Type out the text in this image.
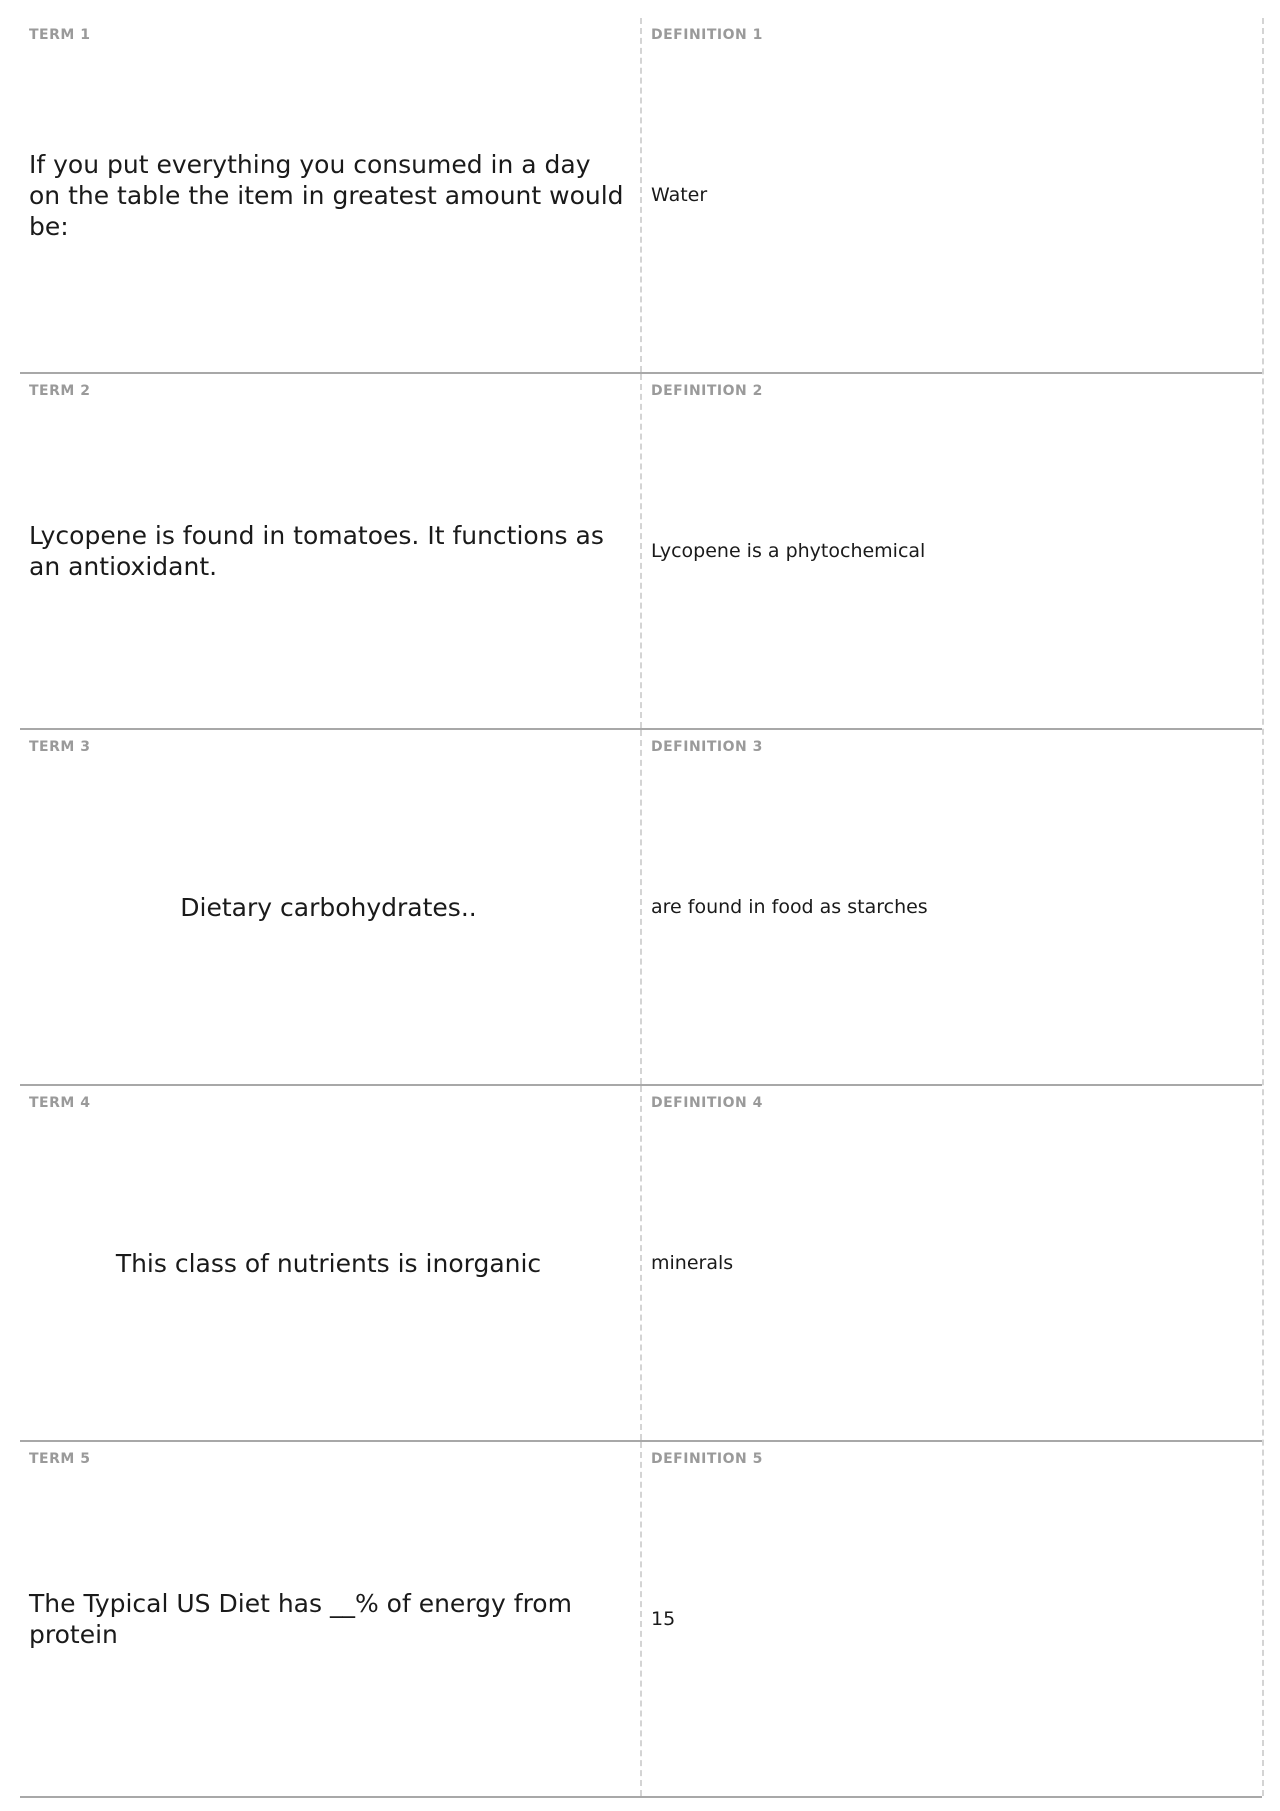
TERM 1
If you put everything you consumed in a day on the table the item in greatest amount would be:
DEFINITION 1
Water
TERM 2
Lycopene is found in tomatoes. It functions as an antioxidant.
DEFINITION 2
Lycopene is a phytochemical
TERM 3
Dietary carbohydrates..
DEFINITION 3
are found in food as starches
TERM 4
This class of nutrients is inorganic
DEFINITION 4
minerals
TERM 5
The Typical US Diet has __% of energy from protein
DEFINITION 5
15
